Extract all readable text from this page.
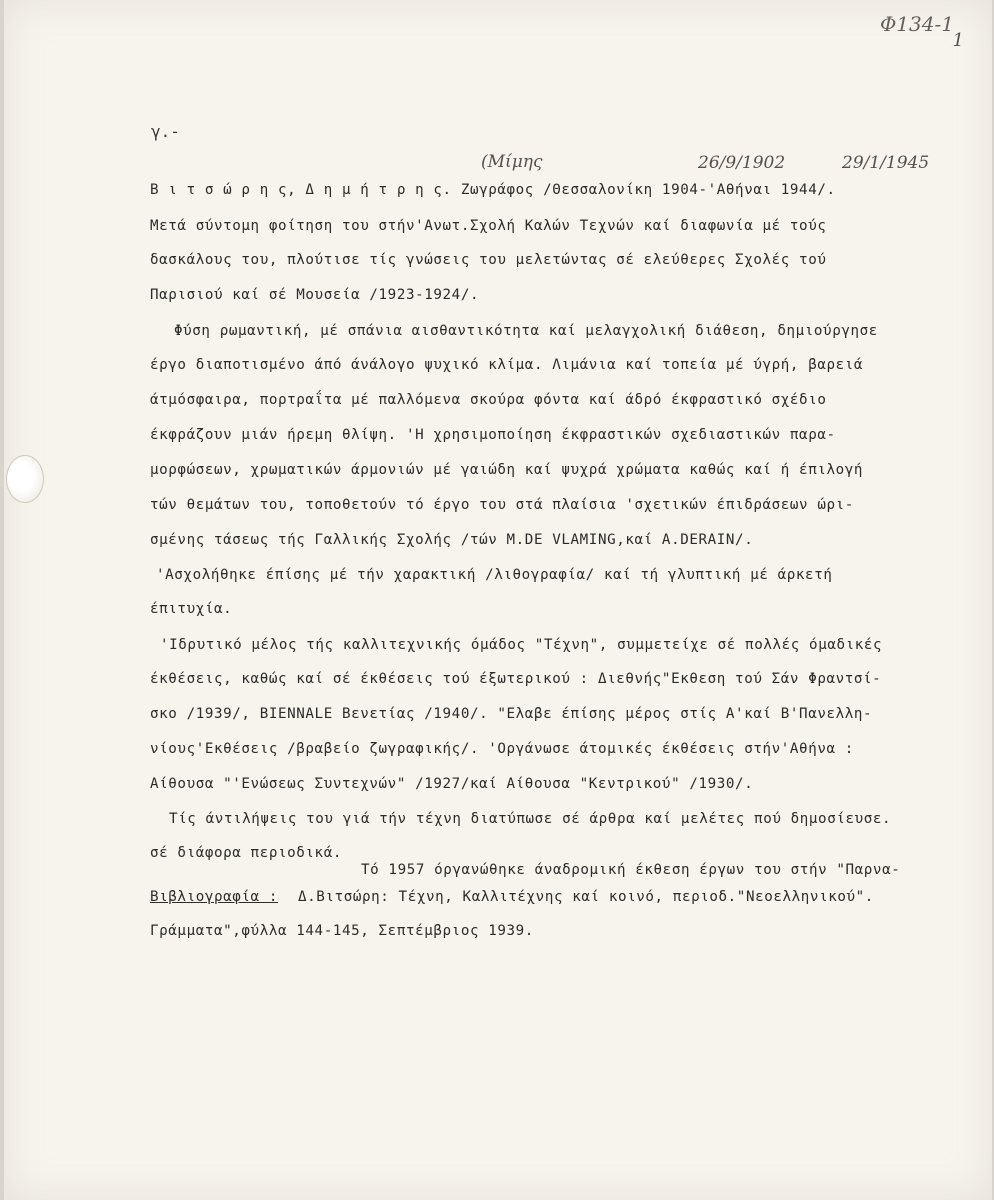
Φ134-1
1
γ.-
(Μίμης	26/9/1902	29/1/1945
Β ι τ σ ώ ρ η ς, Δ η μ ή τ ρ η ς. Ζωγράφος /Θεσσαλονίκη 1904-'Αθήναι 1944/.
Μετά σύντομη φοίτηση του στήν'Ανωτ.Σχολή Καλών Τεχνών καί διαφωνία μέ τούς
δασκάλους του, πλούτισε τίς γνώσεις του μελετώντας σέ ελεύθερες Σχολές τού
Παρισιού καί σέ Μουσεία /1923-1924/.
Φύση ρωμαντική, μέ σπάνια αισθαντικότητα καί μελαγχολική διάθεση, δημιούργησε
έργο διαποτισμένο άπό άνάλογο ψυχικό κλίμα. Λιμάνια καί τοπεία μέ ύγρή, βαρειά
άτμόσφαιρα, πορτραΐτα μέ παλλόμενα σκούρα φόντα καί άδρό έκφραστικό σχέδιο
έκφράζουν μιάν ήρεμη θλίψη. 'Η χρησιμοποίηση έκφραστικών σχεδιαστικών παρα-
μορφώσεων, χρωματικών άρμονιών μέ γαιώδη καί ψυχρά χρώματα καθώς καί ή έπιλογή
τών θεμάτων του, τοποθετούν τό έργο του στά πλαίσια 'σχετικών έπιδράσεων ώρι-
σμένης τάσεως τής Γαλλικής Σχολής /τών M.DE VLAMING,καί A.DERAIN/.
'Ασχολήθηκε έπίσης μέ τήν χαρακτική /λιθογραφία/ καί τή γλυπτική μέ άρκετή
έπιτυχία.
'Ιδρυτικό μέλος τής καλλιτεχνικής όμάδος "Τέχνη", συμμετείχε σέ πολλές όμαδικές
έκθέσεις, καθώς καί σέ έκθέσεις τού έξωτερικού : Διεθνής"Εκθεση τού Σάν Φραντσί-
σκο /1939/, BIENNALE Βενετίας /1940/. "Ελαβε έπίσης μέρος στίς Α'καί Β'Πανελλη-
νίους'Εκθέσεις /βραβείο ζωγραφικής/. 'Οργάνωσε άτομικές έκθέσεις στήν'Αθήνα :
Αίθουσα "'Ενώσεως Συντεχνών" /1927/καί Αίθουσα "Κεντρικού" /1930/.
Τίς άντιλήψεις του γιά τήν τέχνη διατύπωσε σέ άρθρα καί μελέτες πού δημοσίευσε.
σέ διάφορα περιοδικά.
Τό 1957 όργανώθηκε άναδρομική έκθεση έργων του στήν "Παρνα-
Βιβλιογραφία : Δ.Βιτσώρη: Τέχνη, Καλλιτέχνης καί κοινό, περιοδ."Νεοελληνικού".
Γράμματα",φύλλα 144-145, Σεπτέμβριος 1939.
